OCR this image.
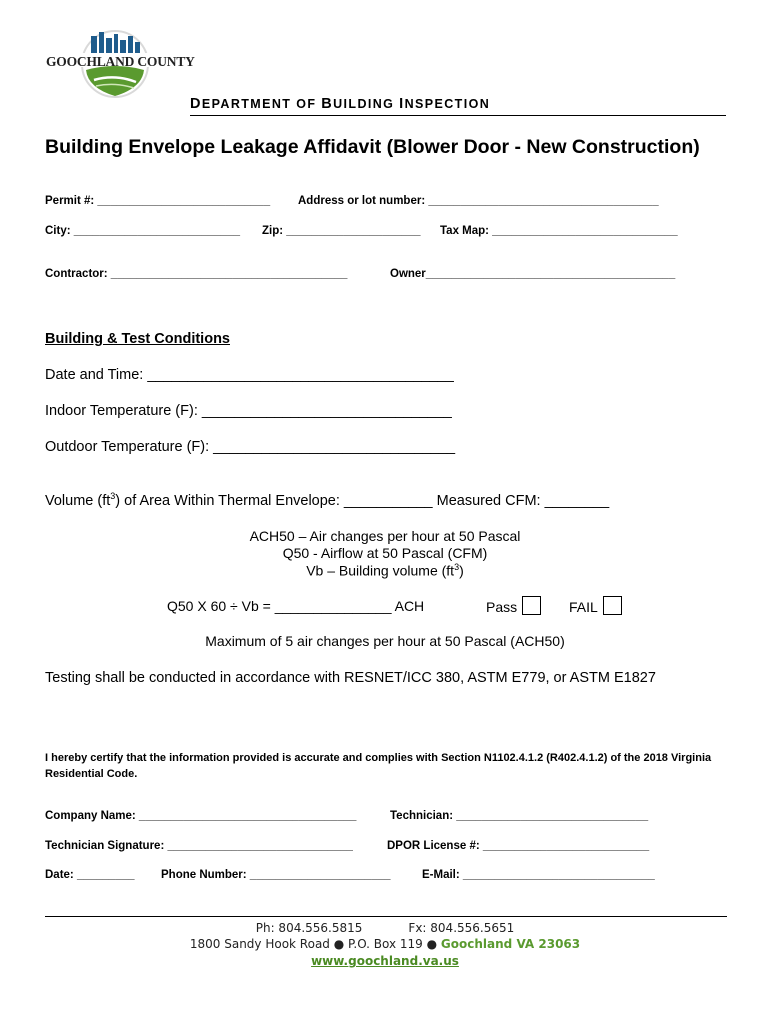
GOOCHLAND COUNTY
DEPARTMENT OF BUILDING INSPECTION
Building Envelope Leakage Affidavit (Blower Door - New Construction)
Permit #: ___________________________ Address or lot number: ____________________________________
City: __________________________ Zip: _____________________ Tax Map: _____________________________
Contractor: _____________________________________	Owner_______________________________________
Building & Test Conditions
Date and Time: ______________________________________
Indoor Temperature (F): _______________________________
Outdoor Temperature (F): ______________________________
Volume $(ft^3)$ of Area Within Thermal Envelope: ___________ Measured CFM: ________
ACH50 – Air changes per hour at 50 Pascal
Q50 - Airflow at 50 Pascal (CFM)
Vb – Building volume $(ft^3)$
Q50 X 60 ÷ Vb = _______________ ACH	Pass	FAIL
Maximum of 5 air changes per hour at 50 Pascal (ACH50)
Testing shall be conducted in accordance with RESNET/ICC 380, ASTM E779, or ASTM E1827
I hereby certify that the information provided is accurate and complies with Section N1102.4.1.2 (R402.4.1.2) of the 2018 Virginia Residential Code.
Company Name: __________________________________	Technician: ______________________________
Technician Signature: _____________________________	DPOR License #: __________________________
Date: _________ Phone Number: ______________________	E-Mail: ______________________________
Ph: 804.556.5815	Fx: 804.556.5651
1800 Sandy Hook Road ● P.O. Box 119 ● Goochland VA 23063
www.goochland.va.us
